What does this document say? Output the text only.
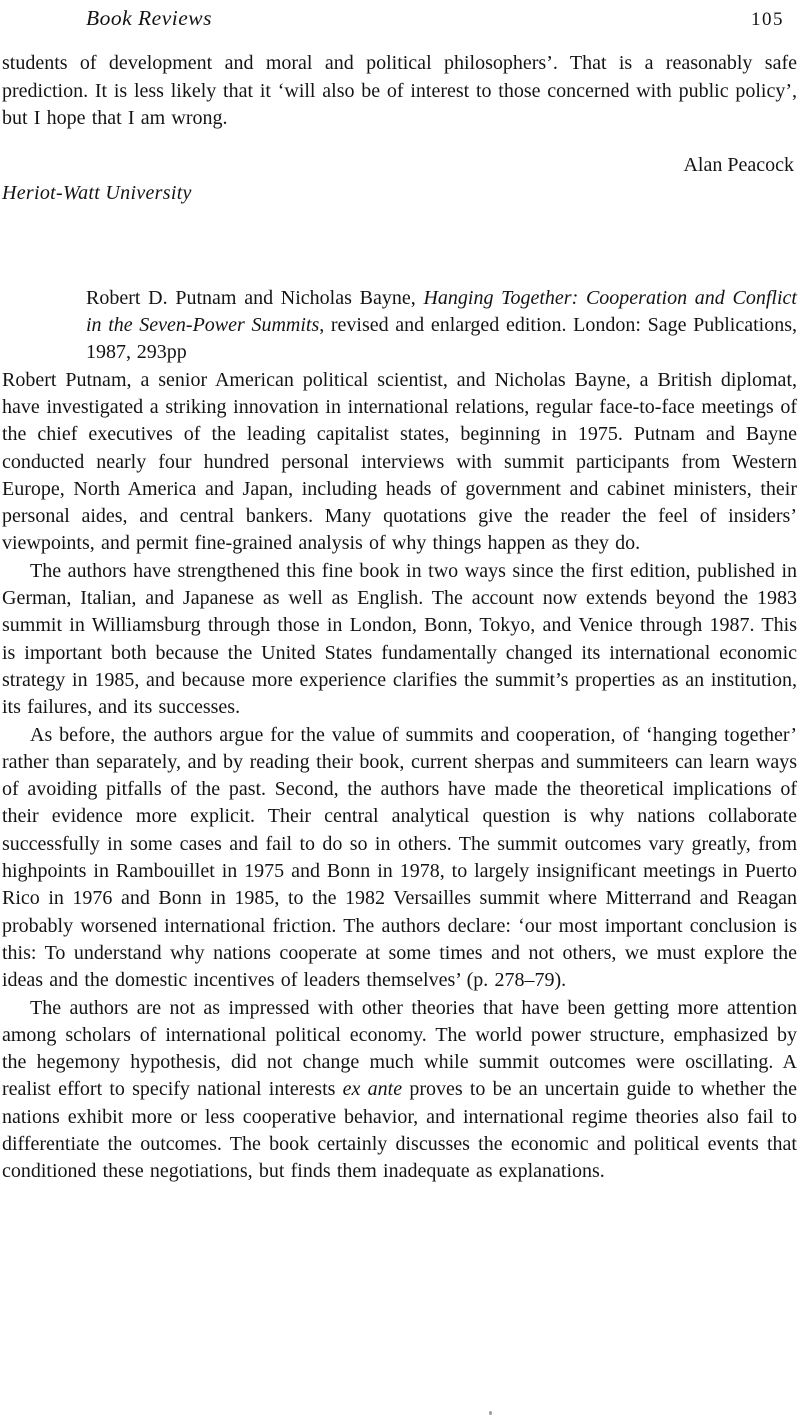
Book Reviews	105

students of development and moral and political philosophers’. That is a reasonably safe prediction. It is less likely that it ‘will also be of interest to those concerned with public policy’, but I hope that I am wrong.

Alan Peacock
Heriot-Watt University

Robert D. Putnam and Nicholas Bayne, Hanging Together: Cooperation and Conflict in the Seven-Power Summits, revised and enlarged edition. London: Sage Publications, 1987, 293pp

Robert Putnam, a senior American political scientist, and Nicholas Bayne, a British diplomat, have investigated a striking innovation in international relations, regular face-to-face meetings of the chief executives of the leading capitalist states, beginning in 1975. Putnam and Bayne conducted nearly four hundred personal interviews with summit participants from Western Europe, North America and Japan, including heads of government and cabinet ministers, their personal aides, and central bankers. Many quotations give the reader the feel of insiders’ viewpoints, and permit fine-grained analysis of why things happen as they do.

The authors have strengthened this fine book in two ways since the first edition, published in German, Italian, and Japanese as well as English. The account now extends beyond the 1983 summit in Williamsburg through those in London, Bonn, Tokyo, and Venice through 1987. This is important both because the United States fundamentally changed its international economic strategy in 1985, and because more experience clarifies the summit’s properties as an institution, its failures, and its successes.

As before, the authors argue for the value of summits and cooperation, of ‘hanging together’ rather than separately, and by reading their book, current sherpas and summiteers can learn ways of avoiding pitfalls of the past. Second, the authors have made the theoretical implications of their evidence more explicit. Their central analytical question is why nations collaborate successfully in some cases and fail to do so in others. The summit outcomes vary greatly, from highpoints in Rambouillet in 1975 and Bonn in 1978, to largely insignificant meetings in Puerto Rico in 1976 and Bonn in 1985, to the 1982 Versailles summit where Mitterrand and Reagan probably worsened international friction. The authors declare: ‘our most important conclusion is this: To understand why nations cooperate at some times and not others, we must explore the ideas and the domestic incentives of leaders themselves’ (p. 278–79).

The authors are not as impressed with other theories that have been getting more attention among scholars of international political economy. The world power structure, emphasized by the hegemony hypothesis, did not change much while summit outcomes were oscillating. A realist effort to specify national interests ex ante proves to be an uncertain guide to whether the nations exhibit more or less cooperative behavior, and international regime theories also fail to differentiate the outcomes. The book certainly discusses the economic and political events that conditioned these negotiations, but finds them inadequate as explanations.
